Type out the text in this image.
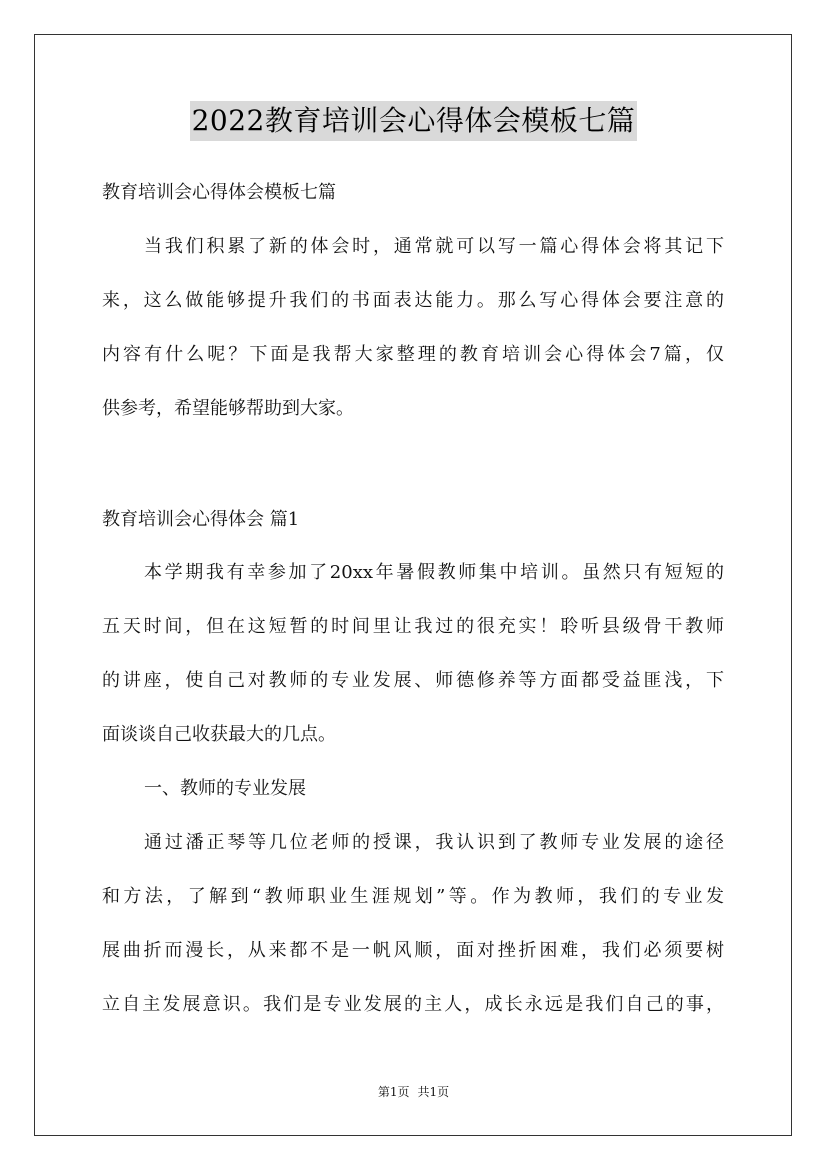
2022教育培训会心得体会模板七篇
教育培训会心得体会模板七篇
当我们积累了新的体会时，通常就可以写一篇心得体会将其记下
来，这么做能够提升我们的书面表达能力。那么写心得体会要注意的
内容有什么呢？下面是我帮大家整理的教育培训会心得体会7篇，仅
供参考，希望能够帮助到大家。
教育培训会心得体会 篇1
本学期我有幸参加了20xx年暑假教师集中培训。虽然只有短短的
五天时间，但在这短暂的时间里让我过的很充实！聆听县级骨干教师
的讲座，使自己对教师的专业发展、师德修养等方面都受益匪浅，下
面谈谈自己收获最大的几点。
一、教师的专业发展
通过潘正琴等几位老师的授课，我认识到了教师专业发展的途径
和方法，了解到“教师职业生涯规划”等。作为教师，我们的专业发
展曲折而漫长，从来都不是一帆风顺，面对挫折困难，我们必须要树
立自主发展意识。我们是专业发展的主人，成长永远是我们自己的事，
第1页 共1页
